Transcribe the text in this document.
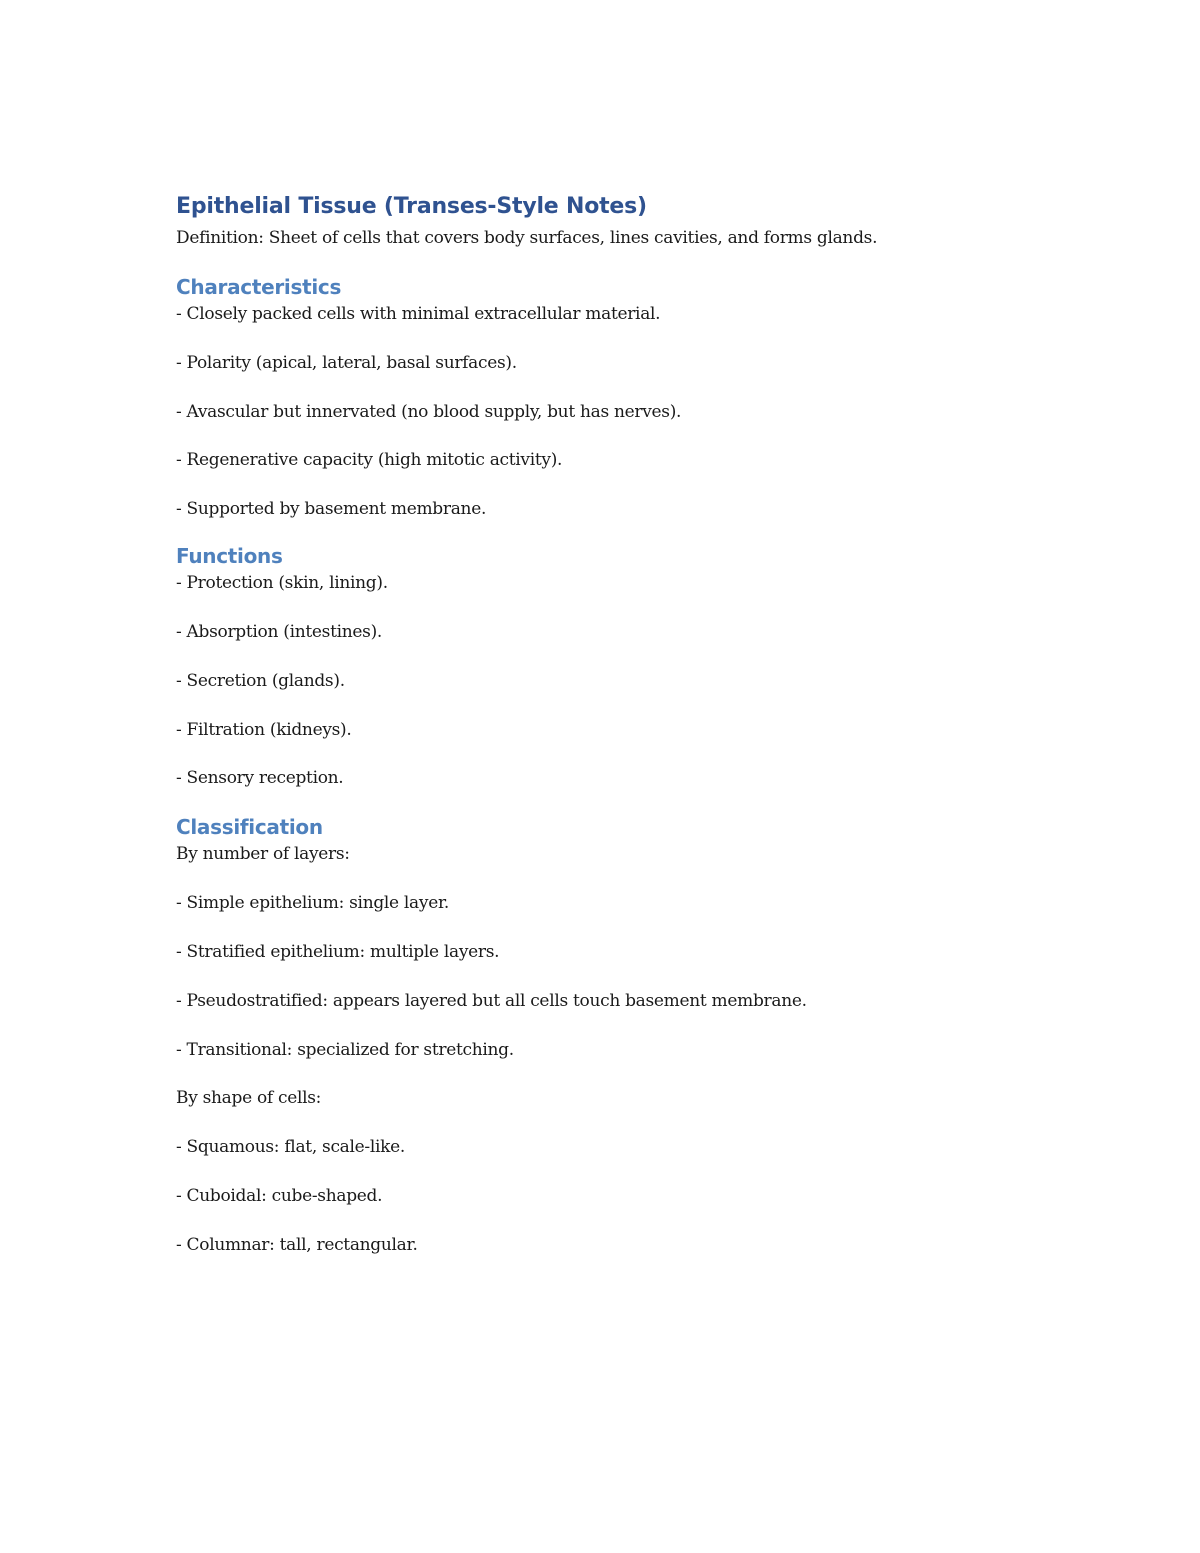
Epithelial Tissue (Transes-Style Notes)

Definition: Sheet of cells that covers body surfaces, lines cavities, and forms glands.

Characteristics
- Closely packed cells with minimal extracellular material.
- Polarity (apical, lateral, basal surfaces).
- Avascular but innervated (no blood supply, but has nerves).
- Regenerative capacity (high mitotic activity).
- Supported by basement membrane.
Functions
- Protection (skin, lining).
- Absorption (intestines).
- Secretion (glands).
- Filtration (kidneys).
- Sensory reception.
Classification
By number of layers:
- Simple epithelium: single layer.
- Stratified epithelium: multiple layers.
- Pseudostratified: appears layered but all cells touch basement membrane.
- Transitional: specialized for stretching.
By shape of cells:
- Squamous: flat, scale-like.
- Cuboidal: cube-shaped.
- Columnar: tall, rectangular.
